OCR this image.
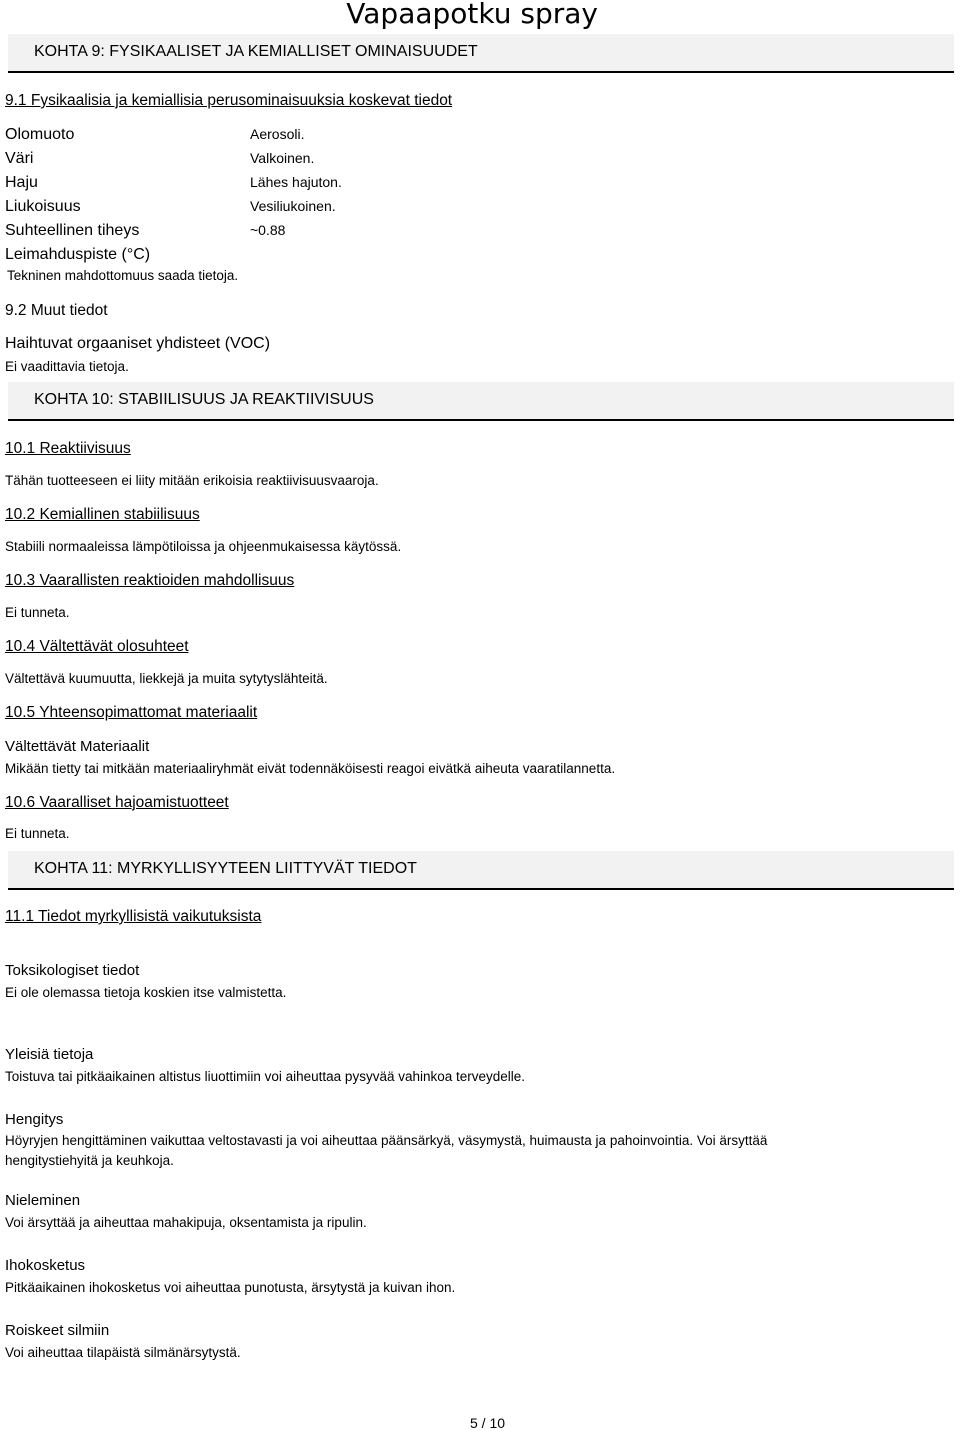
Vapaapotku spray
KOHTA 9: FYSIKAALISET JA KEMIALLISET OMINAISUUDET
9.1 Fysikaalisia ja kemiallisia perusominaisuuksia koskevat tiedot
Olomuoto	Aerosoli.
Väri	Valkoinen.
Haju	Lähes hajuton.
Liukoisuus	Vesiliukoinen.
Suhteellinen tiheys	~0.88
Leimahduspiste (°C)
Tekninen mahdottomuus saada tietoja.
9.2 Muut tiedot
Haihtuvat orgaaniset yhdisteet (VOC)
Ei vaadittavia tietoja.
KOHTA 10: STABIILISUUS JA REAKTIIVISUUS
10.1 Reaktiivisuus
Tähän tuotteeseen ei liity mitään erikoisia reaktiivisuusvaaroja.
10.2 Kemiallinen stabiilisuus
Stabiili normaaleissa lämpötiloissa ja ohjeenmukaisessa käytössä.
10.3 Vaarallisten reaktioiden mahdollisuus
Ei tunneta.
10.4 Vältettävät olosuhteet
Vältettävä kuumuutta, liekkejä ja muita sytytyslähteitä.
10.5 Yhteensopimattomat materiaalit
Vältettävät Materiaalit
Mikään tietty tai mitkään materiaaliryhmät eivät todennäköisesti reagoi eivätkä aiheuta vaaratilannetta.
10.6 Vaaralliset hajoamistuotteet
Ei tunneta.
KOHTA 11: MYRKYLLISYYTEEN LIITTYVÄT TIEDOT
11.1 Tiedot myrkyllisistä vaikutuksista
Toksikologiset tiedot
Ei ole olemassa tietoja koskien itse valmistetta.
Yleisiä tietoja
Toistuva tai pitkäaikainen altistus liuottimiin voi aiheuttaa pysyvää vahinkoa terveydelle.
Hengitys
Höyryjen hengittäminen vaikuttaa veltostavasti ja voi aiheuttaa päänsärkyä, väsymystä, huimausta ja pahoinvointia. Voi ärsyttää
hengitystiehyitä ja keuhkoja.
Nieleminen
Voi ärsyttää ja aiheuttaa mahakipuja, oksentamista ja ripulin.
Ihokosketus
Pitkäaikainen ihokosketus voi aiheuttaa punotusta, ärsytystä ja kuivan ihon.
Roiskeet silmiin
Voi aiheuttaa tilapäistä silmänärsytystä.
5 / 10
